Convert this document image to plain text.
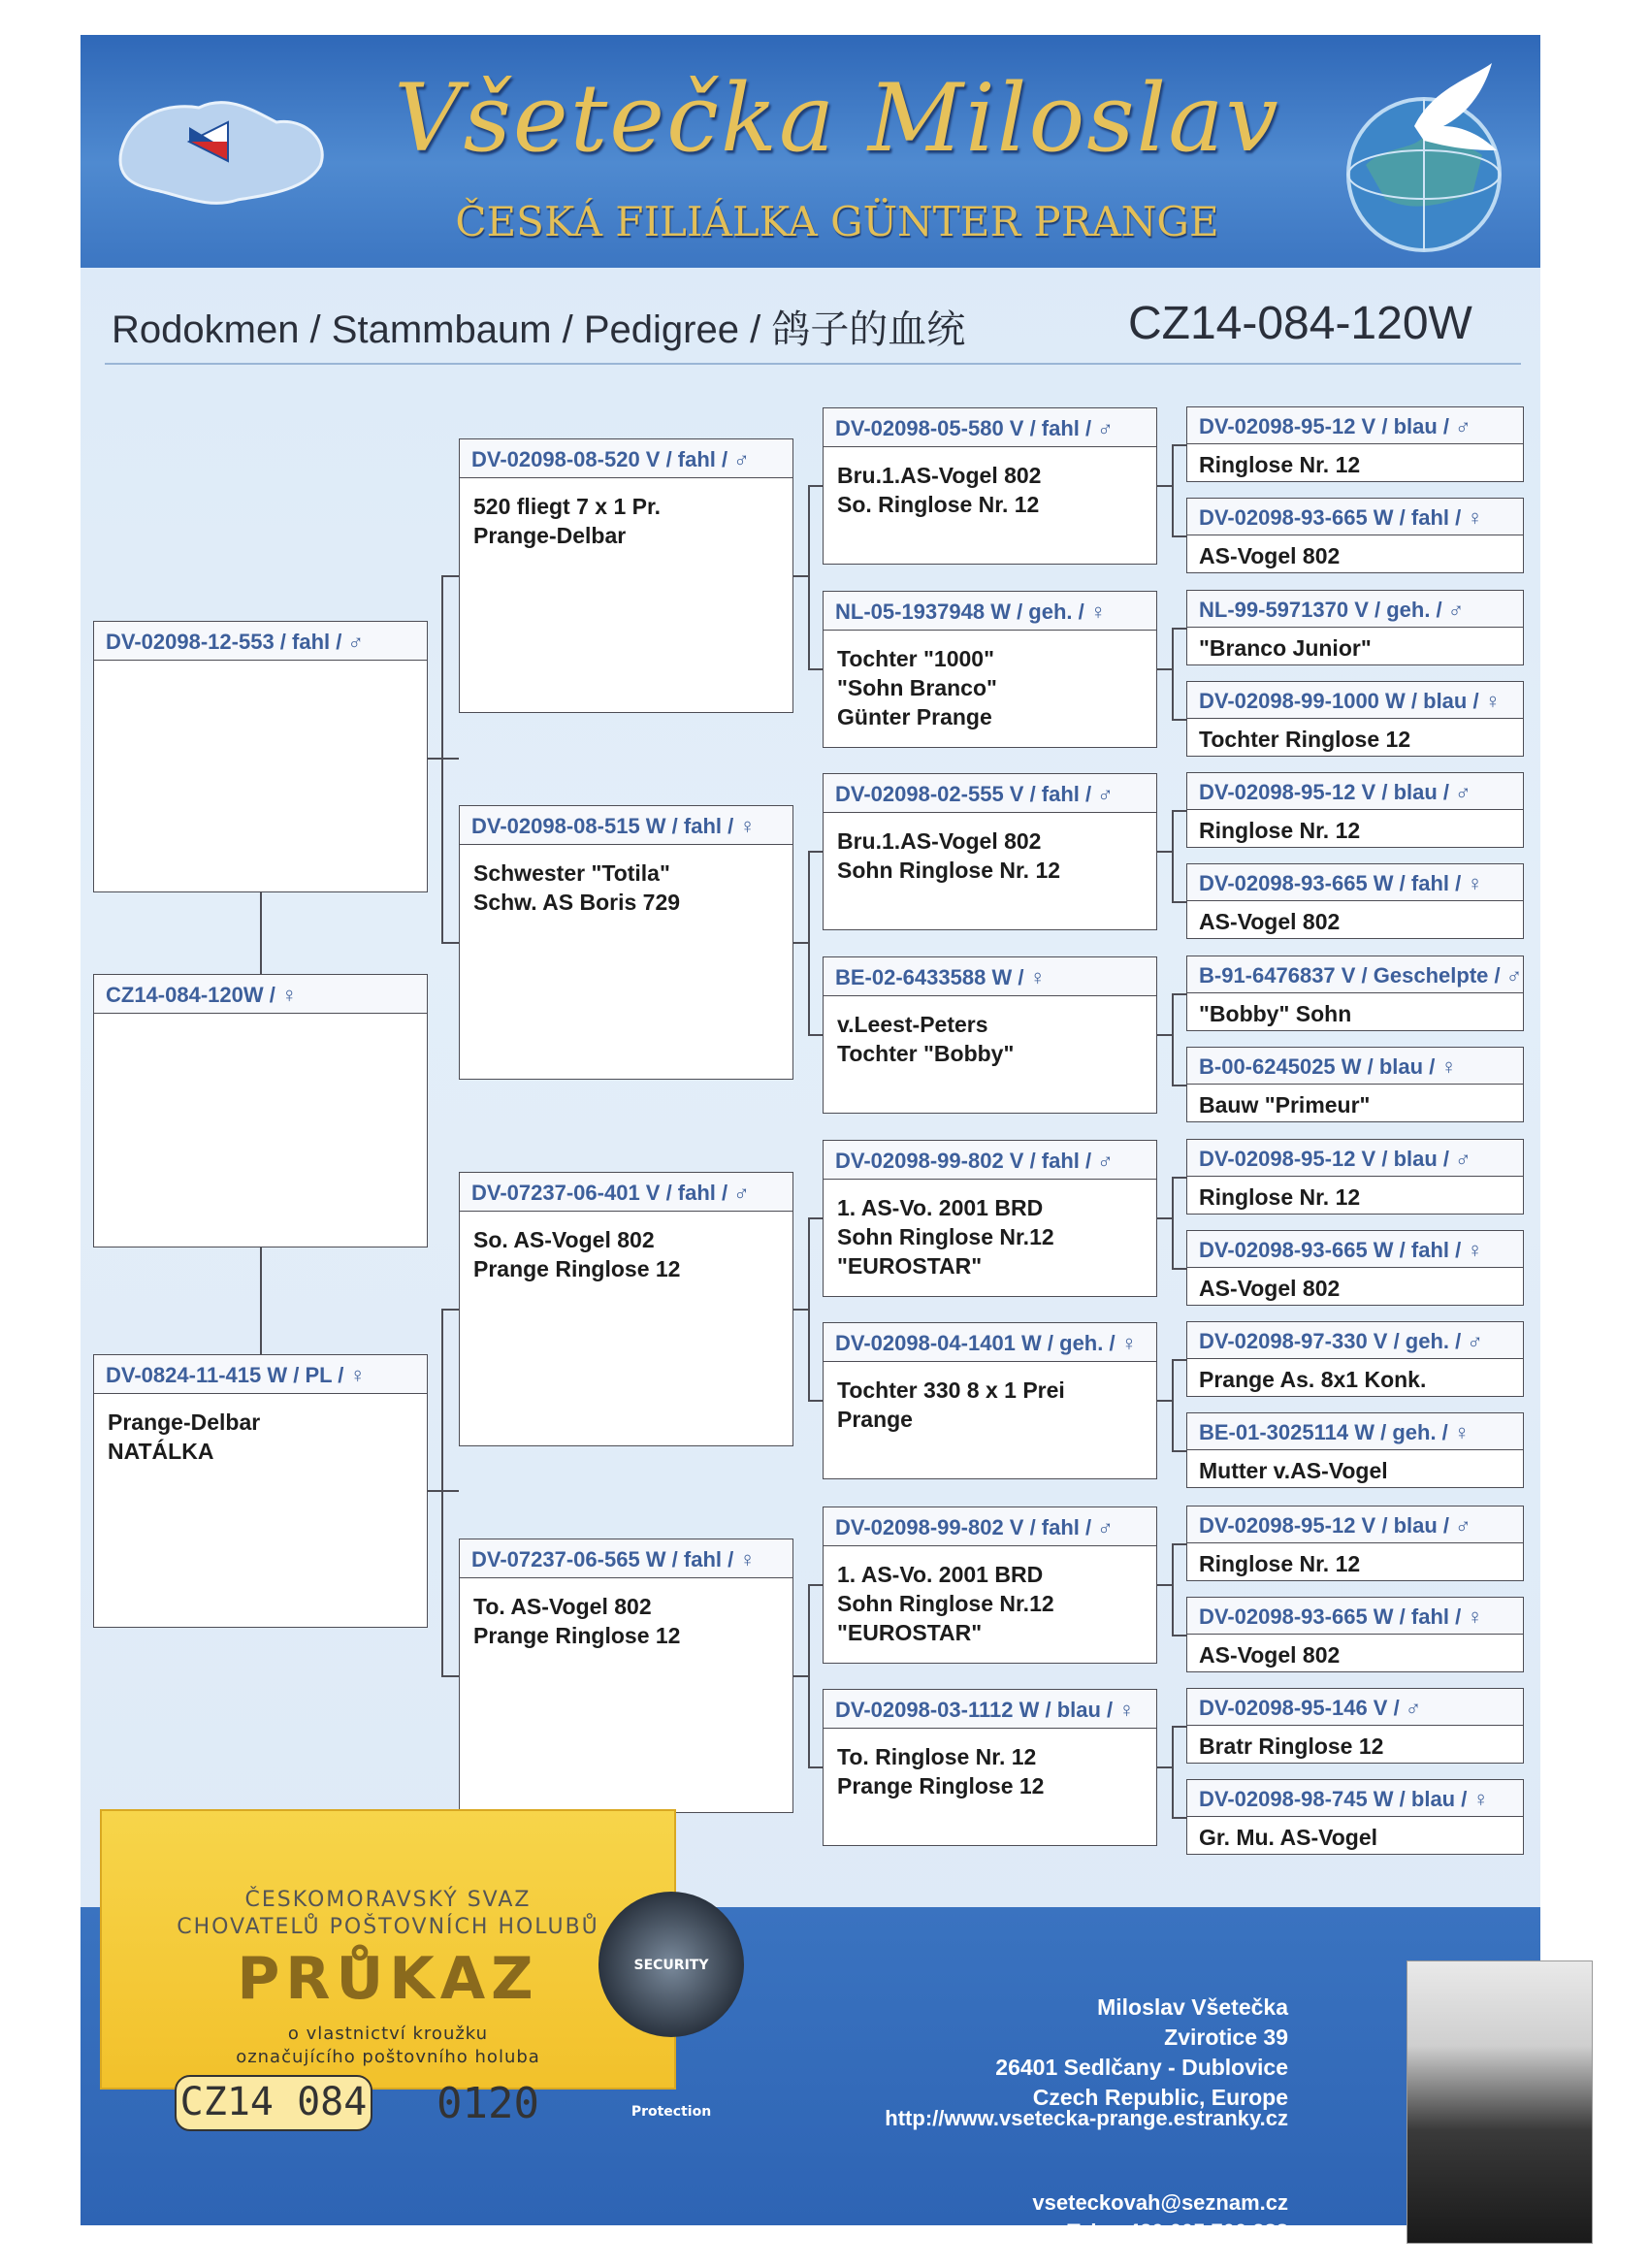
Všetečka Miloslav
ČESKÁ FILIÁLKA GÜNTER PRANGE
Rodokmen / Stammbaum / Pedigree / 鸽子的血统	CZ14-084-120W
DV-02098-12-553 / fahl / ♂
CZ14-084-120W / ♀
DV-0824-11-415 W / PL / ♀
Prange-Delbar
NATÁLKA
DV-02098-08-520 V / fahl / ♂
520 fliegt 7 x 1 Pr.
Prange-Delbar
DV-02098-08-515 W / fahl / ♀
Schwester "Totila"
Schw. AS Boris 729
DV-07237-06-401 V / fahl / ♂
So. AS-Vogel 802
Prange Ringlose 12
DV-07237-06-565 W / fahl / ♀
To. AS-Vogel 802
Prange Ringlose 12
DV-02098-05-580 V / fahl / ♂
Bru.1.AS-Vogel 802
So. Ringlose Nr. 12
NL-05-1937948 W / geh. / ♀
Tochter "1000"
"Sohn Branco"
Günter Prange
DV-02098-02-555 V / fahl / ♂
Bru.1.AS-Vogel 802
Sohn Ringlose Nr. 12
BE-02-6433588 W / ♀
v.Leest-Peters
Tochter "Bobby"
DV-02098-99-802 V / fahl / ♂
1. AS-Vo. 2001 BRD
Sohn Ringlose Nr.12
"EUROSTAR"
DV-02098-04-1401 W / geh. / ♀
Tochter 330 8 x 1 Prei
Prange
DV-02098-99-802 V / fahl / ♂
1. AS-Vo. 2001 BRD
Sohn Ringlose Nr.12
"EUROSTAR"
DV-02098-03-1112 W / blau / ♀
To. Ringlose Nr. 12
Prange Ringlose 12
DV-02098-95-12 V / blau / ♂
Ringlose Nr. 12
DV-02098-93-665 W / fahl / ♀
AS-Vogel 802
NL-99-5971370 V / geh. / ♂
"Branco Junior"
DV-02098-99-1000 W / blau / ♀
Tochter Ringlose 12
DV-02098-95-12 V / blau / ♂
Ringlose Nr. 12
DV-02098-93-665 W / fahl / ♀
AS-Vogel 802
B-91-6476837 V / Geschelpte / ♂
"Bobby" Sohn
B-00-6245025 W / blau / ♀
Bauw "Primeur"
DV-02098-95-12 V / blau / ♂
Ringlose Nr. 12
DV-02098-93-665 W / fahl / ♀
AS-Vogel 802
DV-02098-97-330 V / geh. / ♂
Prange As. 8x1 Konk.
BE-01-3025114 W / geh. / ♀
Mutter v.AS-Vogel
DV-02098-95-12 V / blau / ♂
Ringlose Nr. 12
DV-02098-93-665 W / fahl / ♀
AS-Vogel 802
DV-02098-95-146 V / ♂
Bratr Ringlose 12
DV-02098-98-745 W / blau / ♀
Gr. Mu. AS-Vogel
Miloslav Všetečka
Zvirotice 39
26401 Sedlčany - Dublovice
Czech Republic, Europe
http://www.vsetecka-prange.estranky.cz
vseteckovah@seznam.cz
Tel.: +420 605 700 288
ČESKOMORAVSKÝ SVAZ
CHOVATELŮ POŠTOVNÍCH HOLUBŮ
PRŮKAZ
o vlastnictví kroužku
označujícího poštovního holuba
CZ14 084 0120
SECURITY Protection
